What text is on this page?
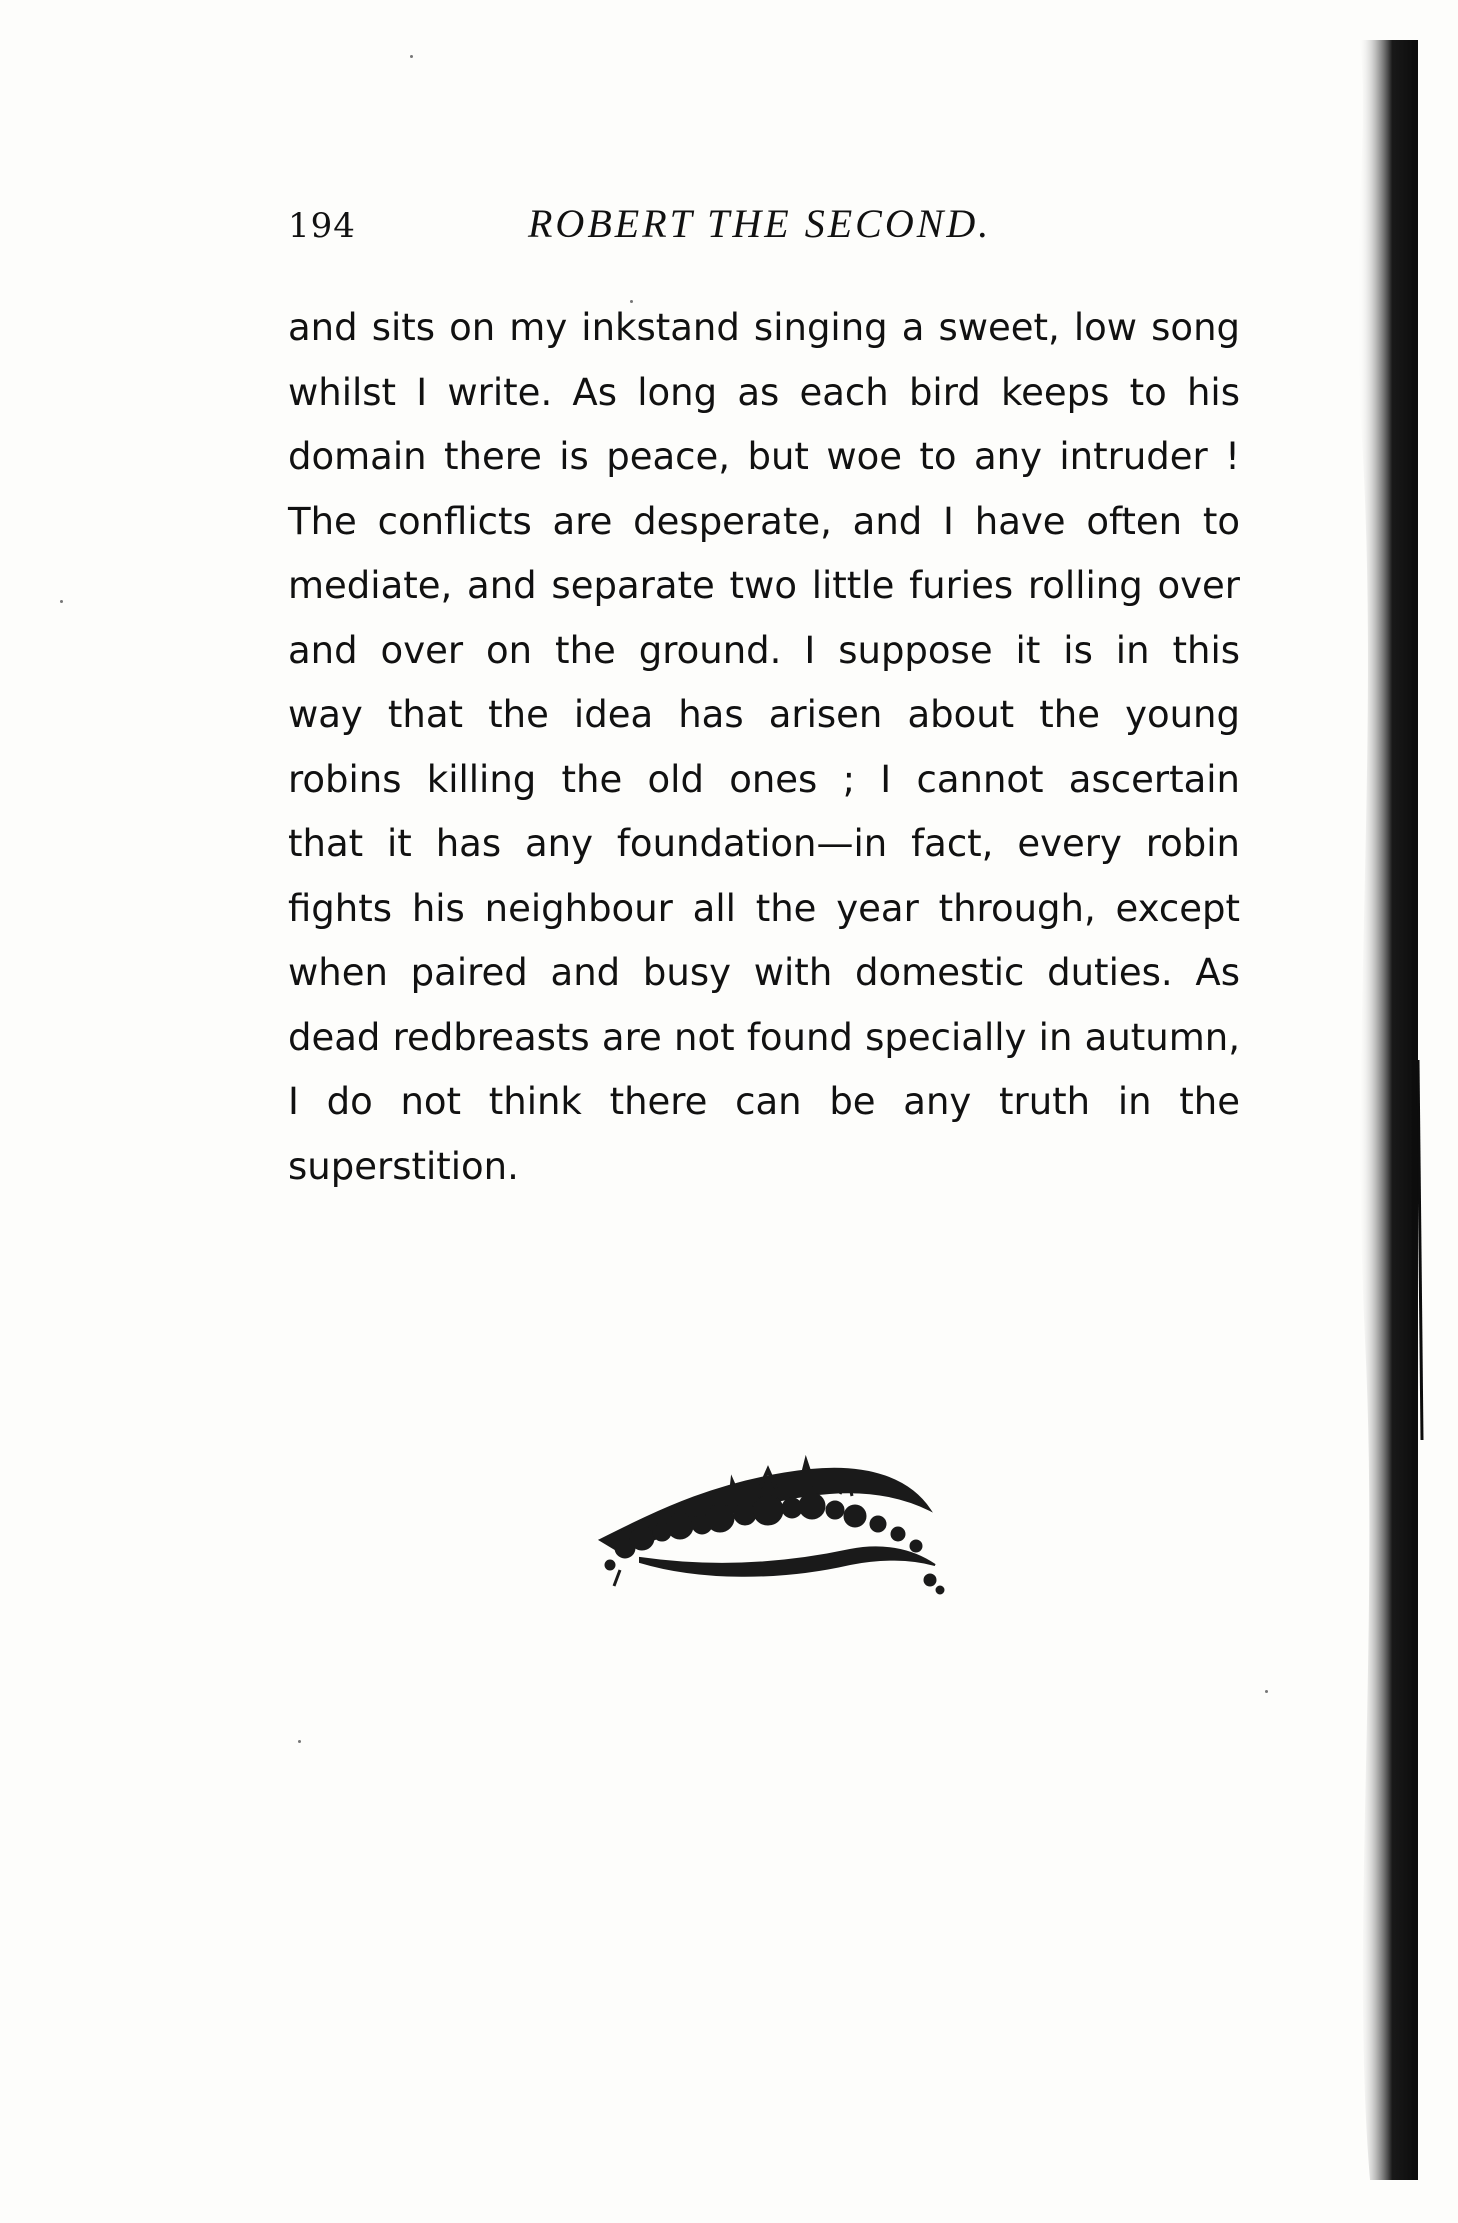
194	ROBERT THE SECOND.
and sits on my inkstand singing a sweet, low song
whilst I write. As long as each bird keeps to his
domain there is peace, but woe to any intruder !
The conflicts are desperate, and I have often to
mediate, and separate two little furies rolling over
and over on the ground. I suppose it is in this
way that the idea has arisen about the young
robins killing the old ones ; I cannot ascertain
that it has any foundation—in fact, every robin
fights his neighbour all the year through, except
when paired and busy with domestic duties. As
dead redbreasts are not found specially in autumn,
I do not think there can be any truth in the
superstition.
